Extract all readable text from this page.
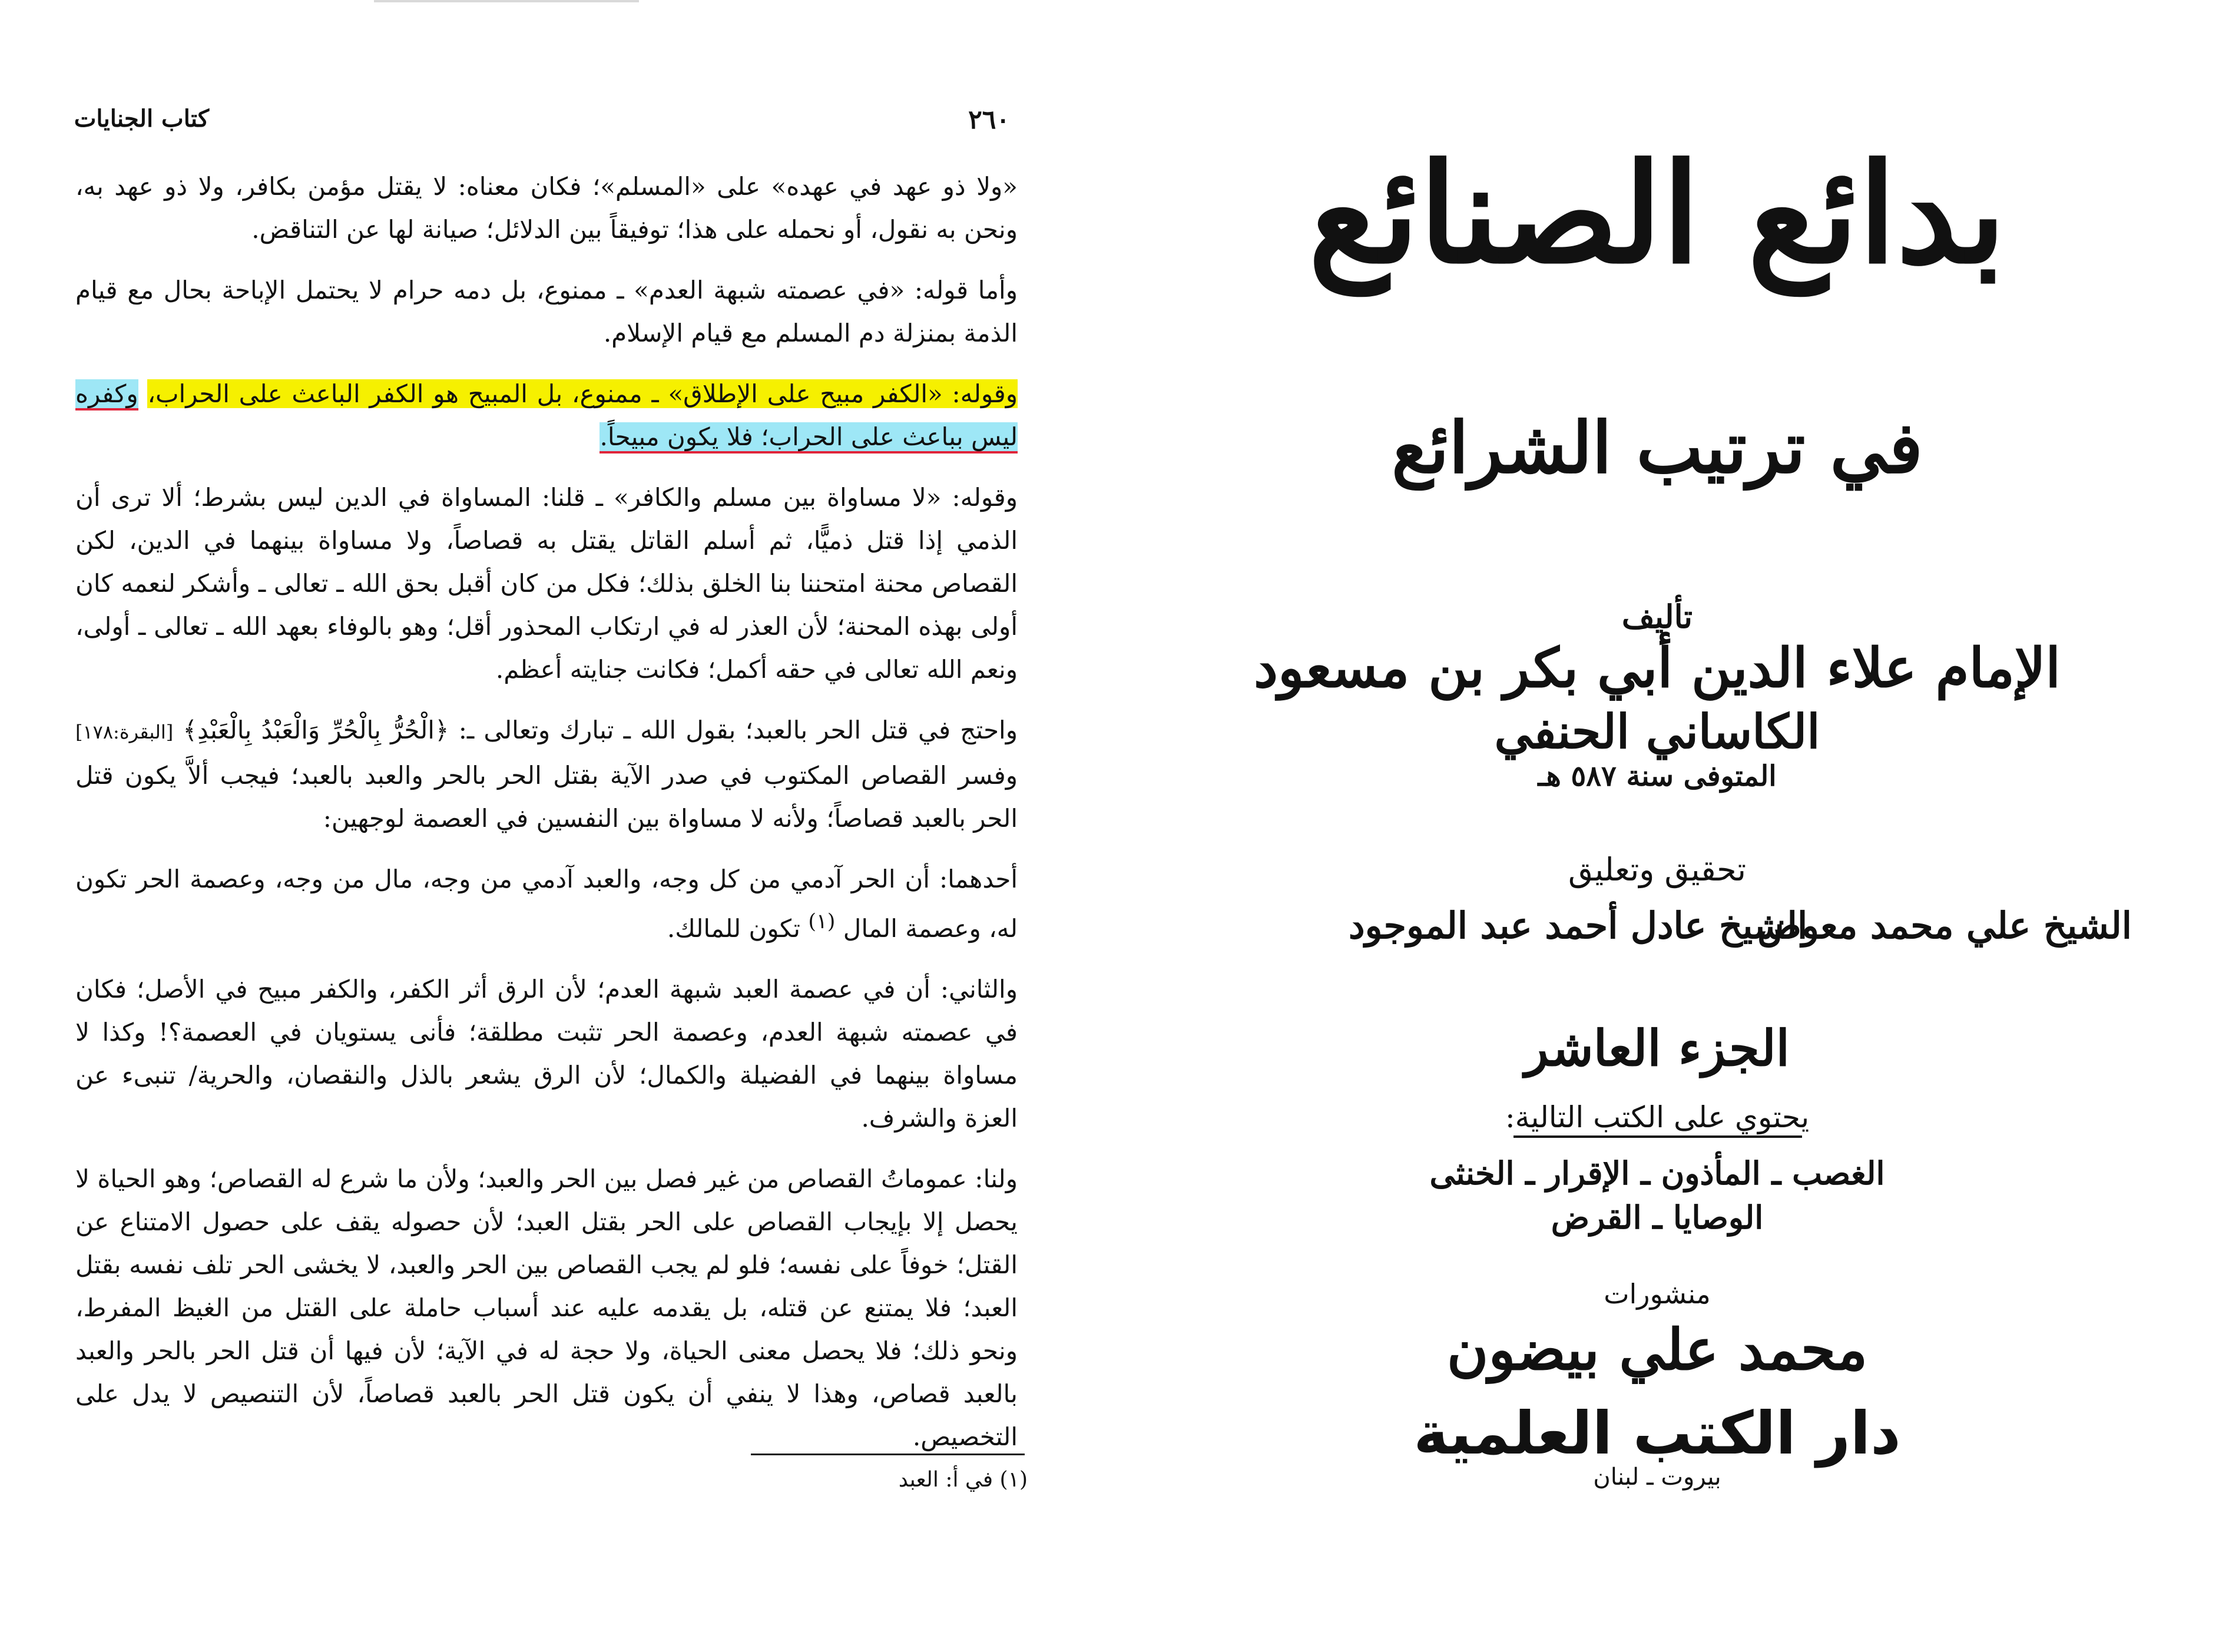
كتاب الجنايات	٢٦٠

«ولا ذو عهد في عهده» على «المسلم»؛ فكان معناه: لا يقتل مؤمن بكافر، ولا ذو عهد به، ونحن به نقول، أو نحمله على هذا؛ توفيقاً بين الدلائل؛ صيانة لها عن التناقض.

وأما قوله: «في عصمته شبهة العدم» ـ ممنوع، بل دمه حرام لا يحتمل الإباحة بحال مع قيام الذمة بمنزلة دم المسلم مع قيام الإسلام.

وقوله: «الكفر مبيح على الإطلاق» ـ ممنوع، بل المبيح هو الكفر الباعث على الحراب، وكفره ليس بباعث على الحراب؛ فلا يكون مبيحاً.

وقوله: «لا مساواة بين مسلم والكافر» ـ قلنا: المساواة في الدين ليس بشرط؛ ألا ترى أن الذمي إذا قتل ذميًّا، ثم أسلم القاتل يقتل به قصاصاً، ولا مساواة بينهما في الدين، لكن القصاص محنة امتحننا بنا الخلق بذلك؛ فكل من كان أقبل بحق الله ـ تعالى ـ وأشكر لنعمه كان أولى بهذه المحنة؛ لأن العذر له في ارتكاب المحذور أقل؛ وهو بالوفاء بعهد الله ـ تعالى ـ أولى، ونعم الله تعالى في حقه أكمل؛ فكانت جنايته أعظم.

واحتج في قتل الحر بالعبد؛ بقول الله ـ تبارك وتعالى ـ: ﴿الْحُرُّ بِالْحُرِّ وَالْعَبْدُ بِالْعَبْدِ﴾ [البقرة:١٧٨] وفسر القصاص المكتوب في صدر الآية بقتل الحر بالحر والعبد بالعبد؛ فيجب ألاَّ يكون قتل الحر بالعبد قصاصاً؛ ولأنه لا مساواة بين النفسين في العصمة لوجهين:

أحدهما: أن الحر آدمي من كل وجه، والعبد آدمي من وجه، مال من وجه، وعصمة الحر تكون له، وعصمة المال $^{(١)}$ تكون للمالك.

والثاني: أن في عصمة العبد شبهة العدم؛ لأن الرق أثر الكفر، والكفر مبيح في الأصل؛ فكان في عصمته شبهة العدم، وعصمة الحر تثبت مطلقة؛ فأنى يستويان في العصمة؟! وكذا لا مساواة بينهما في الفضيلة والكمال؛ لأن الرق يشعر بالذل والنقصان، والحرية/ تنبىء عن العزة والشرف.

ولنا: عموماتُ القصاص من غير فصل بين الحر والعبد؛ ولأن ما شرع له القصاص؛ وهو الحياة لا يحصل إلا بإيجاب القصاص على الحر بقتل العبد؛ لأن حصوله يقف على حصول الامتناع عن القتل؛ خوفاً على نفسه؛ فلو لم يجب القصاص بين الحر والعبد، لا يخشى الحر تلف نفسه بقتل العبد؛ فلا يمتنع عن قتله، بل يقدمه عليه عند أسباب حاملة على القتل من الغيظ المفرط، ونحو ذلك؛ فلا يحصل معنى الحياة، ولا حجة له في الآية؛ لأن فيها أن قتل الحر بالحر والعبد بالعبد قصاص، وهذا لا ينفي أن يكون قتل الحر بالعبد قصاصاً، لأن التنصيص لا يدل على التخصيص.

(١) في أ: العبد
بدائع الصنائع
في ترتيب الشرائع
تأليف
الإمام علاء الدين أبي بكر بن مسعود
الكاساني الحنفي
المتوفى سنة ٥٨٧ هـ
تحقيق وتعليق
الشيخ علي محمد معوض
الشيخ عادل أحمد عبد الموجود
الجزء العاشر
يحتوي على الكتب التالية:
الغصب ـ المأذون ـ الإقرار ـ الخنثى
الوصايا ـ القرض
منشورات
محمد علي بيضون
دار الكتب العلمية
بيروت ـ لبنان
